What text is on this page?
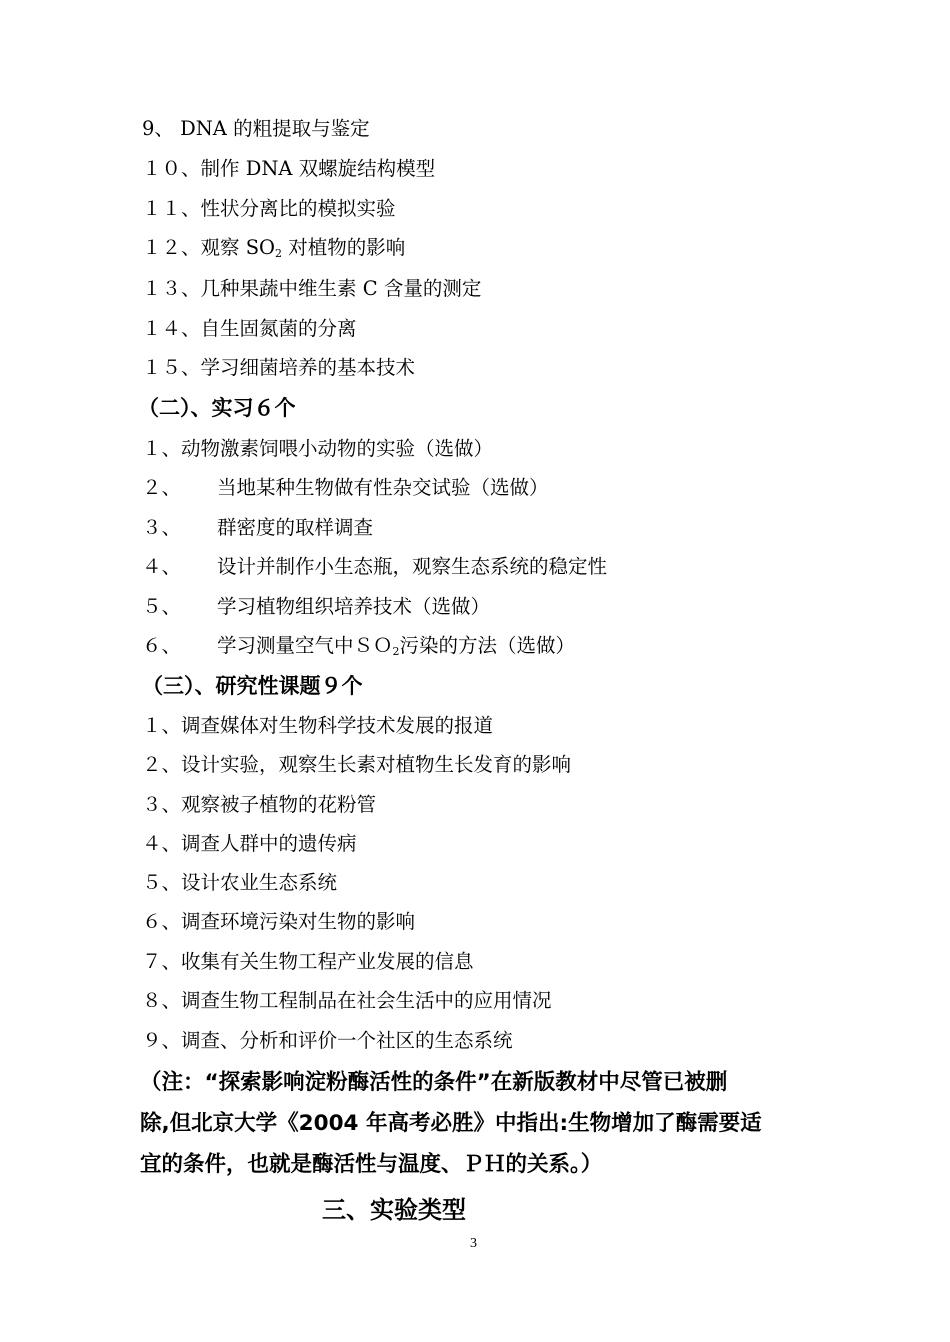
9、 DNA 的粗提取与鉴定
１０、制作 DNA 双螺旋结构模型
１１、性状分离比的模拟实验
１２、观察 $SO_2$ 对植物的影响
１３、几种果蔬中维生素 C 含量的测定
１４、自生固氮菌的分离
１５、学习细菌培养的基本技术
（二）、实习６个
１、动物激素饲喂小动物的实验（选做）
２、 当地某种生物做有性杂交试验（选做）
３、 群密度的取样调查
４、 设计并制作小生态瓶，观察生态系统的稳定性
５、 学习植物组织培养技术（选做）
６、 学习测量空气中ＳＯ$_2$污染的方法（选做）
（三）、研究性课题９个
１、调查媒体对生物科学技术发展的报道
２、设计实验，观察生长素对植物生长发育的影响
３、观察被子植物的花粉管
４、调查人群中的遗传病
５、设计农业生态系统
６、调查环境污染对生物的影响
７、收集有关生物工程产业发展的信息
８、调查生物工程制品在社会生活中的应用情况
９、调查、分析和评价一个社区的生态系统
（注：“探索影响淀粉酶活性的条件”在新版教材中尽管已被删
除,但北京大学《2004 年高考必胜》中指出:生物增加了酶需要适
宜的条件，也就是酶活性与温度、ＰＨ的关系。）
三、实验类型
3
